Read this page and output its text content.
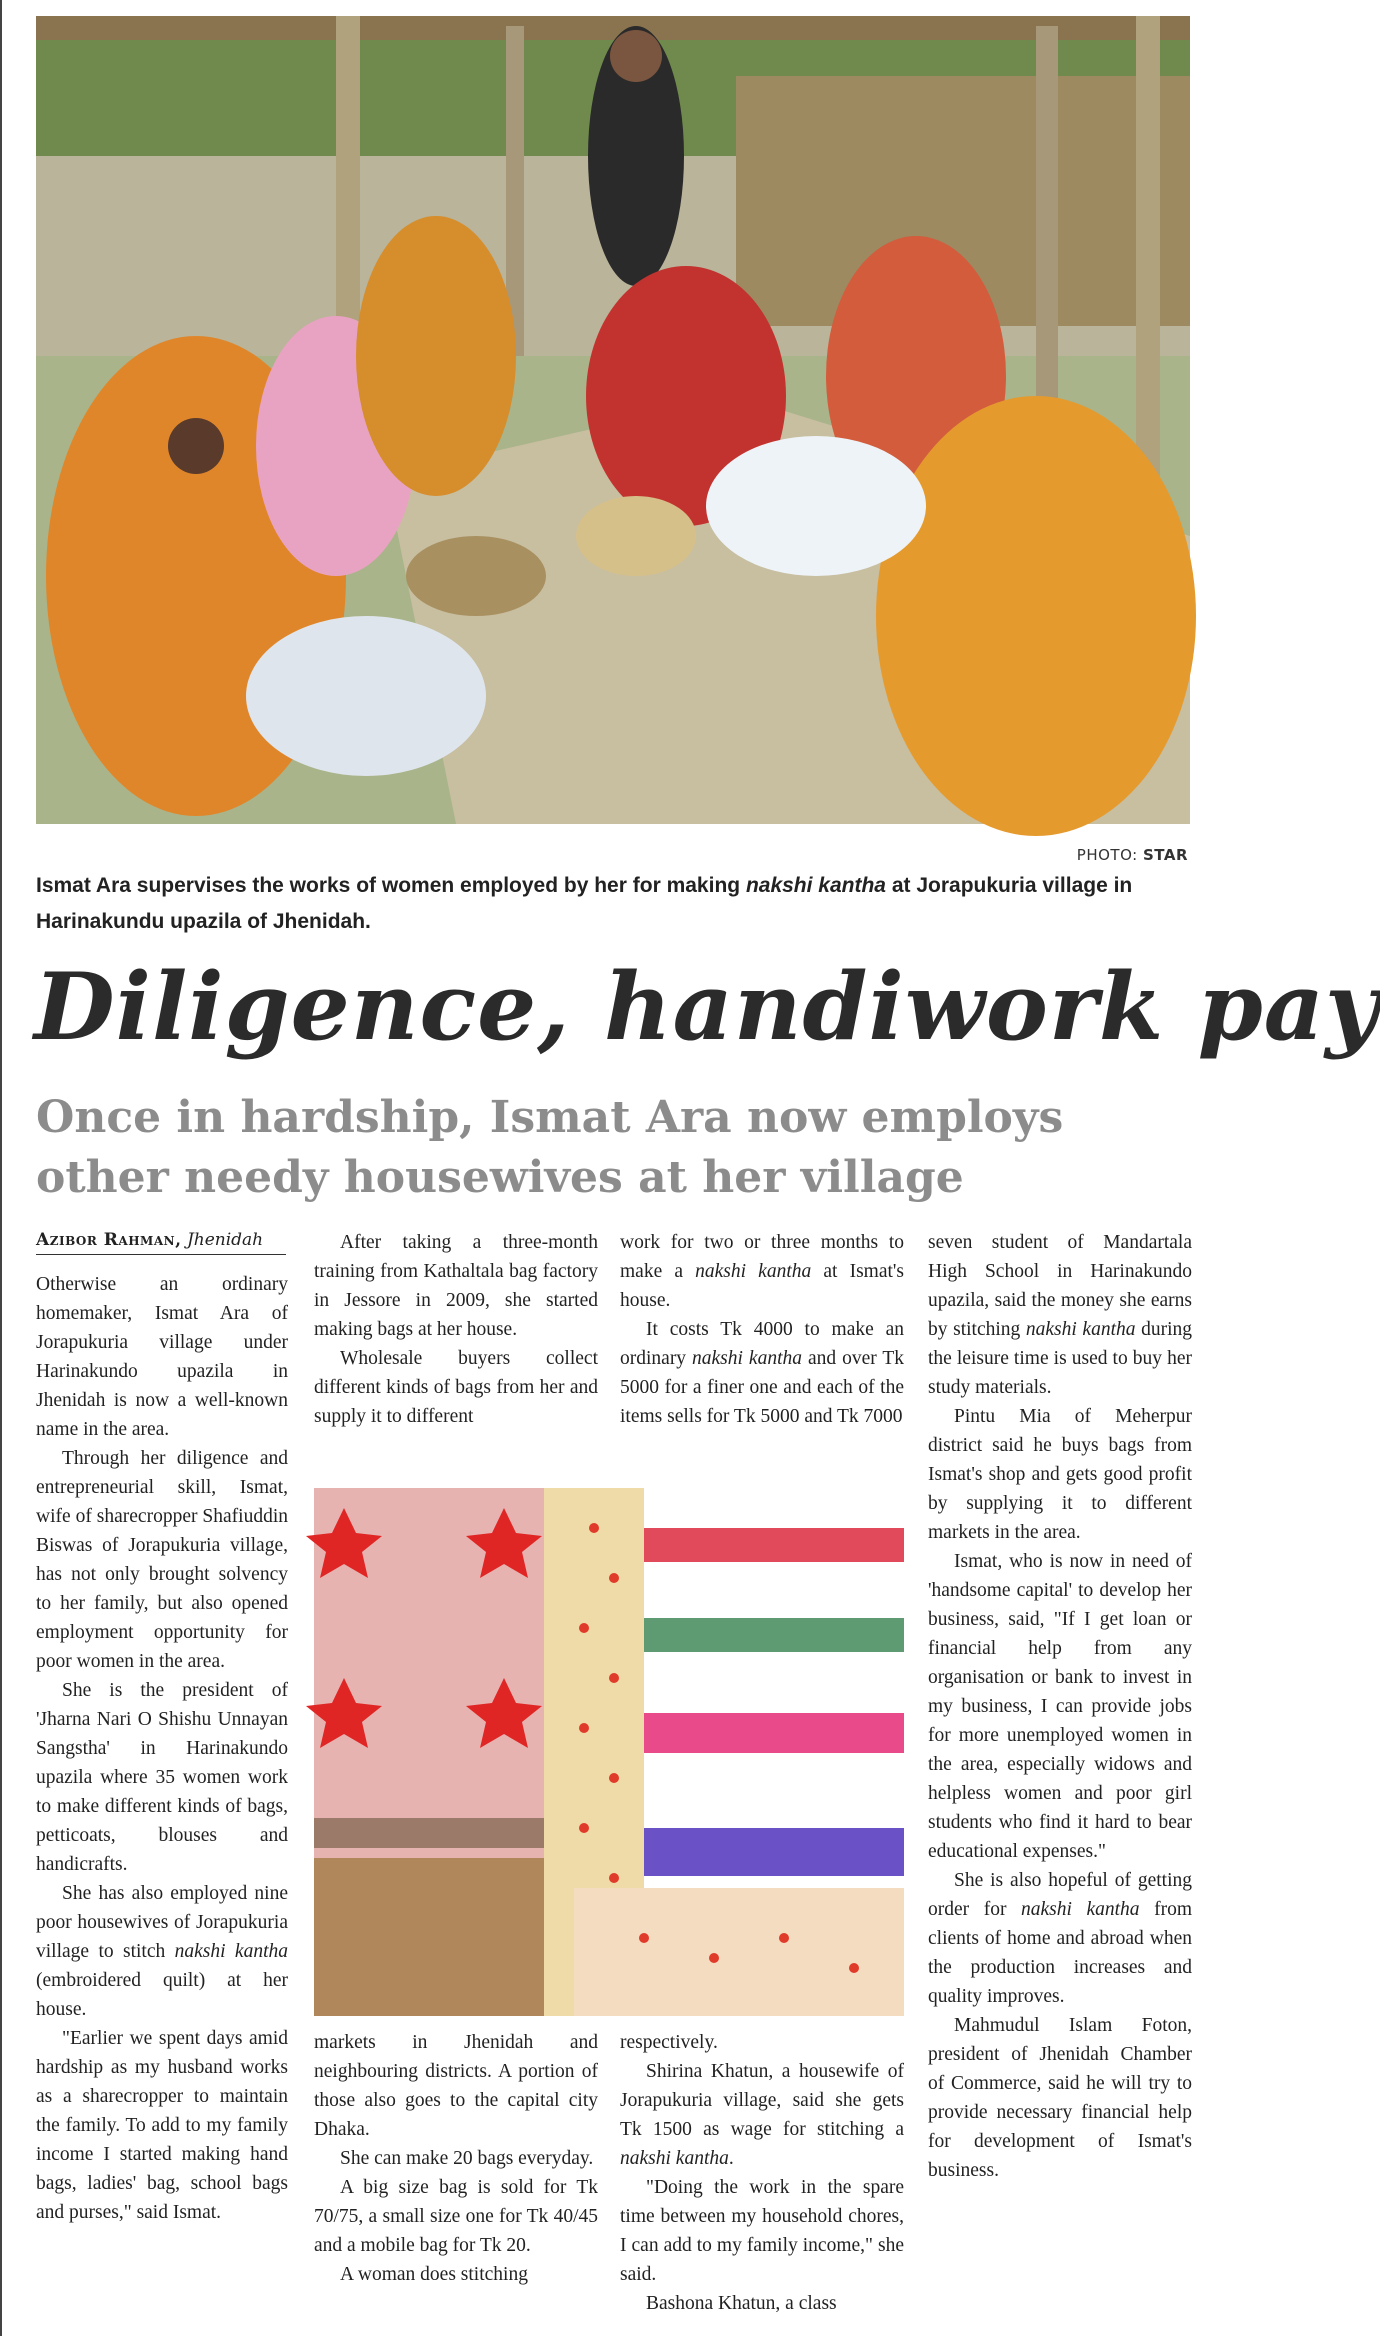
PHOTO: STAR
Ismat Ara supervises the works of women employed by her for making nakshi kantha at Jorapukuria village in Harinakundu upazila of Jhenidah.
Diligence, handiwork pay
Once in hardship, Ismat Ara now employs other needy housewives at her village
Azibor Rahman, Jhenidah

Otherwise an ordinary homemaker, Ismat Ara of Jorapukuria village under Harinakundo upazila in Jhenidah is now a well-known name in the area.

Through her diligence and entrepreneurial skill, Ismat, wife of sharecropper Shafiuddin Biswas of Jorapukuria village, has not only brought solvency to her family, but also opened employment opportunity for poor women in the area.

She is the president of 'Jharna Nari O Shishu Unnayan Sangstha' in Harinakundo upazila where 35 women work to make different kinds of bags, petticoats, blouses and handicrafts.

She has also employed nine poor housewives of Jorapukuria village to stitch nakshi kantha (embroidered quilt) at her house.

"Earlier we spent days amid hardship as my husband works as a sharecropper to maintain the family. To add to my family income I started making hand bags, ladies' bag, school bags and purses," said Ismat.

After taking a three-month training from Kathaltala bag factory in Jessore in 2009, she started making bags at her house.

Wholesale buyers collect different kinds of bags from her and supply it to different

work for two or three months to make a nakshi kantha at Ismat's house.

It costs Tk 4000 to make an ordinary nakshi kantha and over Tk 5000 for a finer one and each of the items sells for Tk 5000 and Tk 7000

markets in Jhenidah and neighbouring districts. A portion of those also goes to the capital city Dhaka.

She can make 20 bags everyday.

A big size bag is sold for Tk 70/75, a small size one for Tk 40/45 and a mobile bag for Tk 20.

A woman does stitching

respectively.

Shirina Khatun, a housewife of Jorapukuria village, said she gets Tk 1500 as wage for stitching a nakshi kantha.

"Doing the work in the spare time between my household chores, I can add to my family income," she said.

Bashona Khatun, a class

seven student of Mandartala High School in Harinakundo upazila, said the money she earns by stitching nakshi kantha during the leisure time is used to buy her study materials.

Pintu Mia of Meherpur district said he buys bags from Ismat's shop and gets good profit by supplying it to different markets in the area.

Ismat, who is now in need of 'handsome capital' to develop her business, said, "If I get loan or financial help from any organisation or bank to invest in my business, I can provide jobs for more unemployed women in the area, especially widows and helpless women and poor girl students who find it hard to bear educational expenses."

She is also hopeful of getting order for nakshi kantha from clients of home and abroad when the production increases and quality improves.

Mahmudul Islam Foton, president of Jhenidah Chamber of Commerce, said he will try to provide necessary financial help for development of Ismat's business.
